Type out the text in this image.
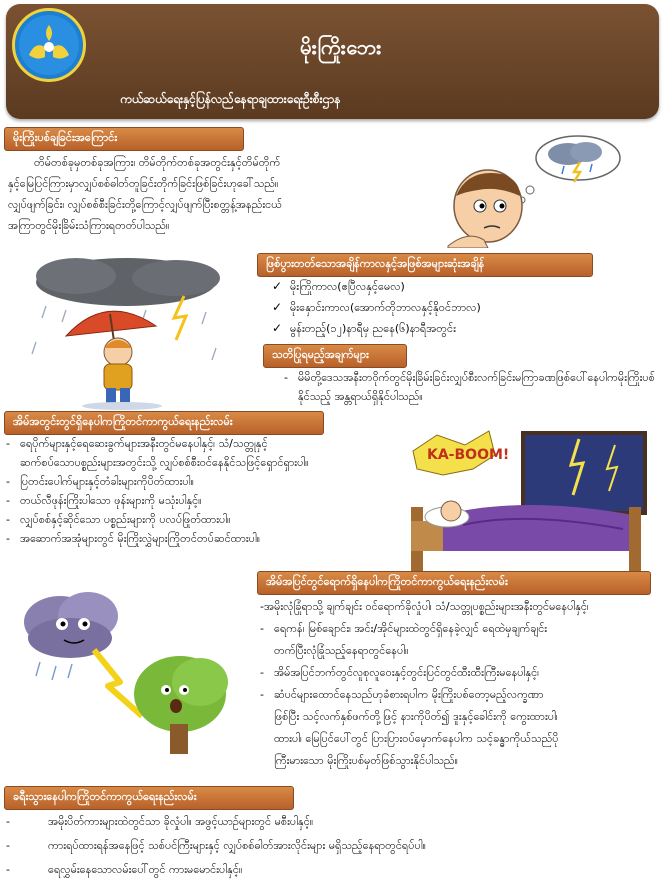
မိုးကြိုးဘေး
ကယ်ဆယ်ရေးနှင့်ပြန်လည်နေရာချထားရေးဦးစီးဌာန
မိုးကြိုးပစ်ချခြင်းအကြောင်း
တိမ်တစ်ခုမှတစ်ခုအကြား၊ တိမ်တိုက်တစ်ခုအတွင်းနှင့်တိမ်တိုက်
နှင့်မြေပြင်ကြားမှာလျှပ်စစ်ဓါတ်တူခြင်းတိုက်ခြင်းဖြစ်ခြင်းဟုခေါ်သည်။
လျှပ်ဖျက်ခြင်း၊ လျှပ်စစ်စီးခြင်းတို့ကြောင့်လျှပ်ဖျက်ပြီးစတ္တန့်အနည်းငယ်
အကြာတွင်မိုးခြိမ်းသံကြားရတတ်ပါသည်။
ဖြစ်ပွားတတ်သောအချိန်ကာလနှင့်အဖြစ်အများဆုံးအချိန်
✓ မိုးကြိုကာလ(ဧပြီလနှင့်မေလ)
✓ မိုးနှောင်းကာလ(အောက်တိုဘာလနှင့်နိုဝင်ဘာလ)
✓ မွန်းတည့်(၁၂)နာရီမှ ညနေ(၆)နာရီအတွင်း
သတိပြုရမည့်အချက်များ
- မိမိတို့ဒေသအနီးတဝိုက်တွင်မိုးခြိမ်းခြင်းလျှပ်စီးလက်ခြင်းမကြာခဏဖြစ်ပေါ်နေပါကမိုးကြိုးပစ်နိုင်သည့် အန္တရာယ်ရှိနိုင်ပါသည်။
အိမ်အတွင်းတွင်ရှိနေပါကကြိုတင်ကာကွယ်ရေးနည်းလမ်း
- ရေပိုက်များနှင့်ရေဆေးခွက်များအနီးတွင်မနေပါနှင့်၊ သံ/သတ္တုနှင့်
ဆက်စပ်သောပစ္စည်းများအတွင်းသို့ လျှပ်စစ်စီးဝင်နေနိုင်သဖြင့်ရှောင်ရှားပါ။
- ပြတင်းပေါက်များနှင့်တံခါးများကိုပိတ်ထားပါ။
- တယ်လီဖုန်းကြိုးပါသော ဖုန်းများကို မသုံးပါနှင့်။
- လျှပ်စစ်နှင့်ဆိုင်သော ပစ္စည်းများကို ပလပ်ဖြုတ်ထားပါ။
- အဆောက်အအုံများတွင် မိုးကြိုးလွှဲများကြိုတင်တပ်ဆင်ထားပါ။
KA-BOOM!
အိမ်အပြင်တွင်ရောက်ရှိနေပါကကြိုတင်ကာကွယ်ရေးနည်းလမ်း
-အမိုးလုံခြုံရာသို့ ချက်ချင်း ဝင်ရောက်ခိုလှုံပါ၊ သံ/သတ္တုပစ္စည်းများအနီးတွင်မနေပါနှင့်၊
- ရေကန်၊ မြစ်ချောင်း၊ အင်း/အိုင်များထဲတွင်ရှိနေခဲ့လျှင် ရေထဲမှချက်ချင်း
တက်ပြီးလုံခြုံသည့်နေရာတွင်နေပါ။
- အိမ်အပြင်ဘက်တွင်လူစုလူဝေးနှင့်တွင်းပြင်တွင်ထီးထီးကြီးမနေပါနှင့်၊
- ဆံပင်များထောင်နေသည်ဟုခံစားရပါက မိုးကြိုးပစ်တော့မည့်လက္ခဏာ
ဖြစ်ပြီး သင့်လက်နှစ်ဖက်တို့ဖြင့် နားကိုပိတ်၍ ဒူးနှင့်ခေါင်းကို ကွေးထားပါ၊
ထားပါ၊ မြေပြင်ပေါ်တွင် ပြားပြားဝပ်မှောက်နေပါက သင့်ခန္ဓာကိုယ်သည်ပို
ကြီးမားသော မိုးကြိုးပစ်မှတ်ဖြစ်သွားနိုင်ပါသည်။
ခရီးသွားနေပါကကြိုတင်ကာကွယ်ရေးနည်းလမ်း
- အမိုးပိတ်ကားများထဲတွင်သာ ခိုလှုံပါ။ အဖွင့်ယာဉ်များတွင် မစီးပါနှင့်။
- ကားရပ်ထားရန်အနေဖြင့် သစ်ပင်ကြီးများနှင့် လျှပ်စစ်ဓါတ်အားလိုင်းများ မရှိသည့်နေရာတွင်ရပ်ပါ။
- ရေလွှမ်းနေသောလမ်းပေါ်တွင် ကားမမောင်းပါနှင့်။
